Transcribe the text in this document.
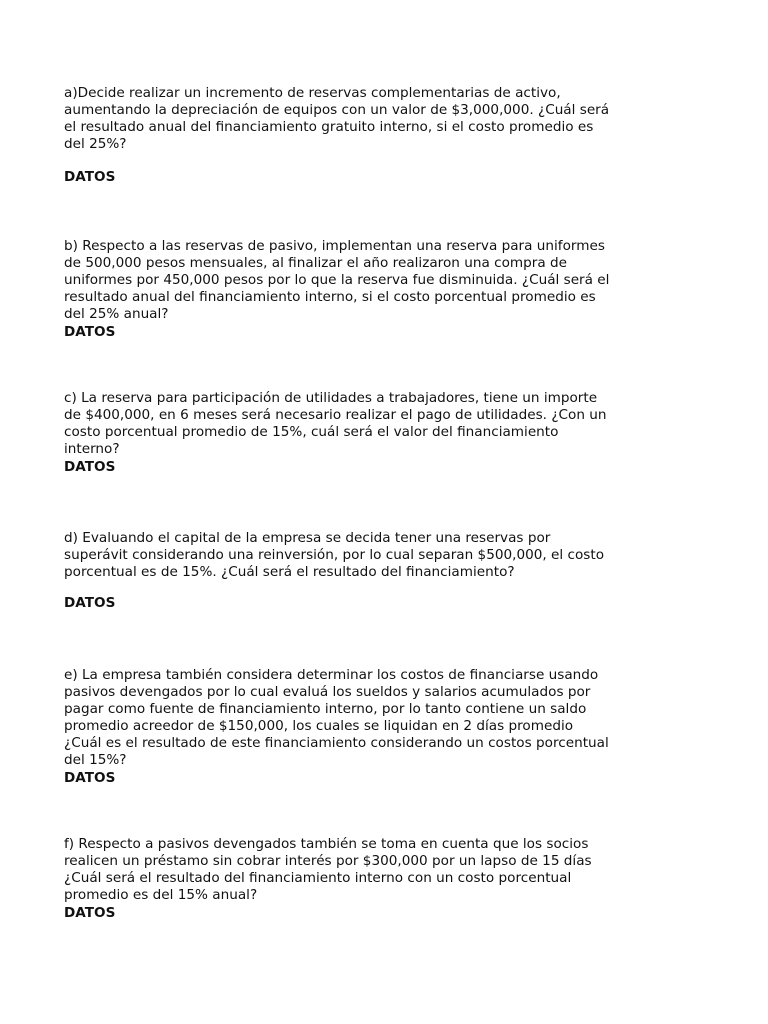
a)Decide realizar un incremento de reservas complementarias de activo,
aumentando la depreciación de equipos con un valor de $3,000,000. ¿Cuál será
el resultado anual del financiamiento gratuito interno, si el costo promedio es
del 25%?

DATOS

b) Respecto a las reservas de pasivo, implementan una reserva para uniformes
de 500,000 pesos mensuales, al finalizar el año realizaron una compra de
uniformes por 450,000 pesos por lo que la reserva fue disminuida. ¿Cuál será el
resultado anual del financiamiento interno, si el costo porcentual promedio es
del 25% anual?

DATOS

c) La reserva para participación de utilidades a trabajadores, tiene un importe
de $400,000, en 6 meses será necesario realizar el pago de utilidades. ¿Con un
costo porcentual promedio de 15%, cuál será el valor del financiamiento
interno?

DATOS

d) Evaluando el capital de la empresa se decida tener una reservas por
superávit considerando una reinversión, por lo cual separan $500,000, el costo
porcentual es de 15%. ¿Cuál será el resultado del financiamiento?

DATOS

e) La empresa también considera determinar los costos de financiarse usando
pasivos devengados por lo cual evaluá los sueldos y salarios acumulados por
pagar como fuente de financiamiento interno, por lo tanto contiene un saldo
promedio acreedor de $150,000, los cuales se liquidan en 2 días promedio
¿Cuál es el resultado de este financiamiento considerando un costos porcentual
del 15%?

DATOS

f) Respecto a pasivos devengados también se toma en cuenta que los socios
realicen un préstamo sin cobrar interés por $300,000 por un lapso de 15 días
¿Cuál será el resultado del financiamiento interno con un costo porcentual
promedio es del 15% anual?

DATOS
